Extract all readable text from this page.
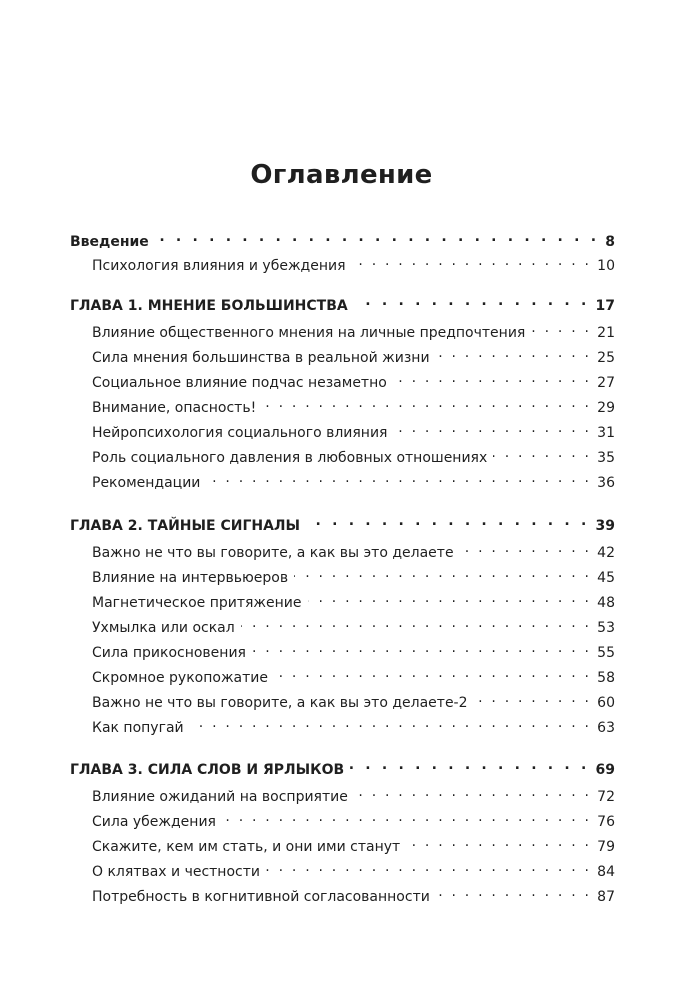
Оглавление
Введение . . .	8
Психология влияния и убеждения . . .	10
ГЛАВА 1. МНЕНИЕ БОЛЬШИНСТВА . . .	17
Влияние общественного мнения на личные предпочтения . . .	21
Сила мнения большинства в реальной жизни . . .	25
Социальное влияние подчас незаметно . . .	27
Внимание, опасность! . . .	29
Нейропсихология социального влияния . . .	31
Роль социального давления в любовных отношениях . . .	35
Рекомендации . . .	36
ГЛАВА 2. ТАЙНЫЕ СИГНАЛЫ . . .	39
Важно не что вы говорите, а как вы это делаете . . .	42
Влияние на интервьюеров . . .	45
Магнетическое притяжение . . .	48
Ухмылка или оскал . . .	53
Сила прикосновения . . .	55
Скромное рукопожатие . . .	58
Важно не что вы говорите, а как вы это делаете-2 . . .	60
Как попугай . . .	63
ГЛАВА 3. СИЛА СЛОВ И ЯРЛЫКОВ . . .	69
Влияние ожиданий на восприятие . . .	72
Сила убеждения . . .	76
Скажите, кем им стать, и они ими станут . . .	79
О клятвах и честности . . .	84
Потребность в когнитивной согласованности . . .	87
